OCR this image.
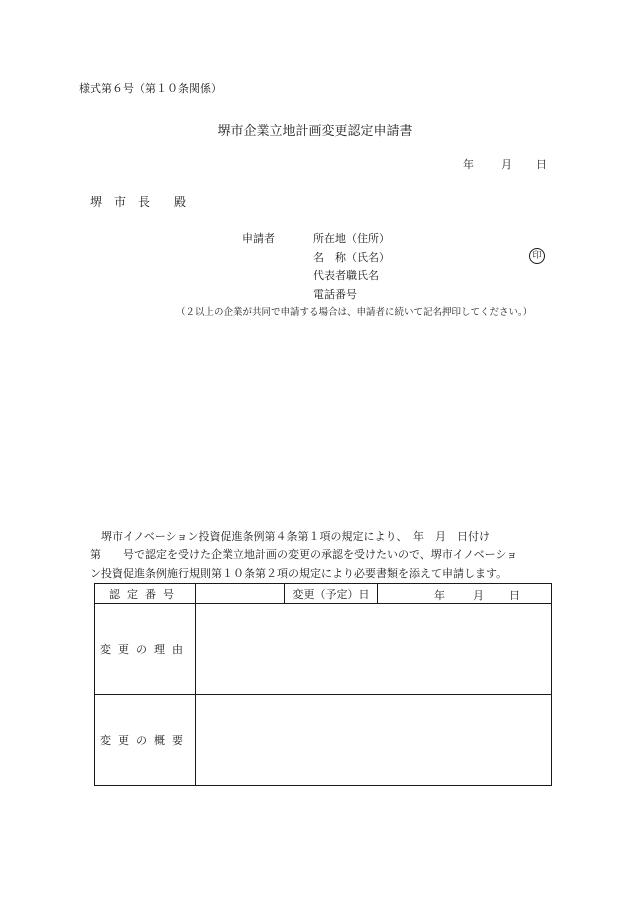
様式第６号（第１０条関係）
堺市企業立地計画変更認定申請書
年 月 日
堺　市　長　　殿
申請者	所在地（住所）
名　称（氏名）	印
代表者職氏名
電話番号
（２以上の企業が共同で申請する場合は、申請者に続いて記名押印してください。）
堺市イノベーション投資促進条例第４条第１項の規定により、　年　月　日付け
第　　号で認定を受けた企業立地計画の変更の承認を受けたいので、堺市イノベーショ
ン投資促進条例施行規則第１０条第２項の規定により必要書類を添えて申請します。
認定番号		変更（予定）日	年 月 日

変更の理由			
変更の概要			
